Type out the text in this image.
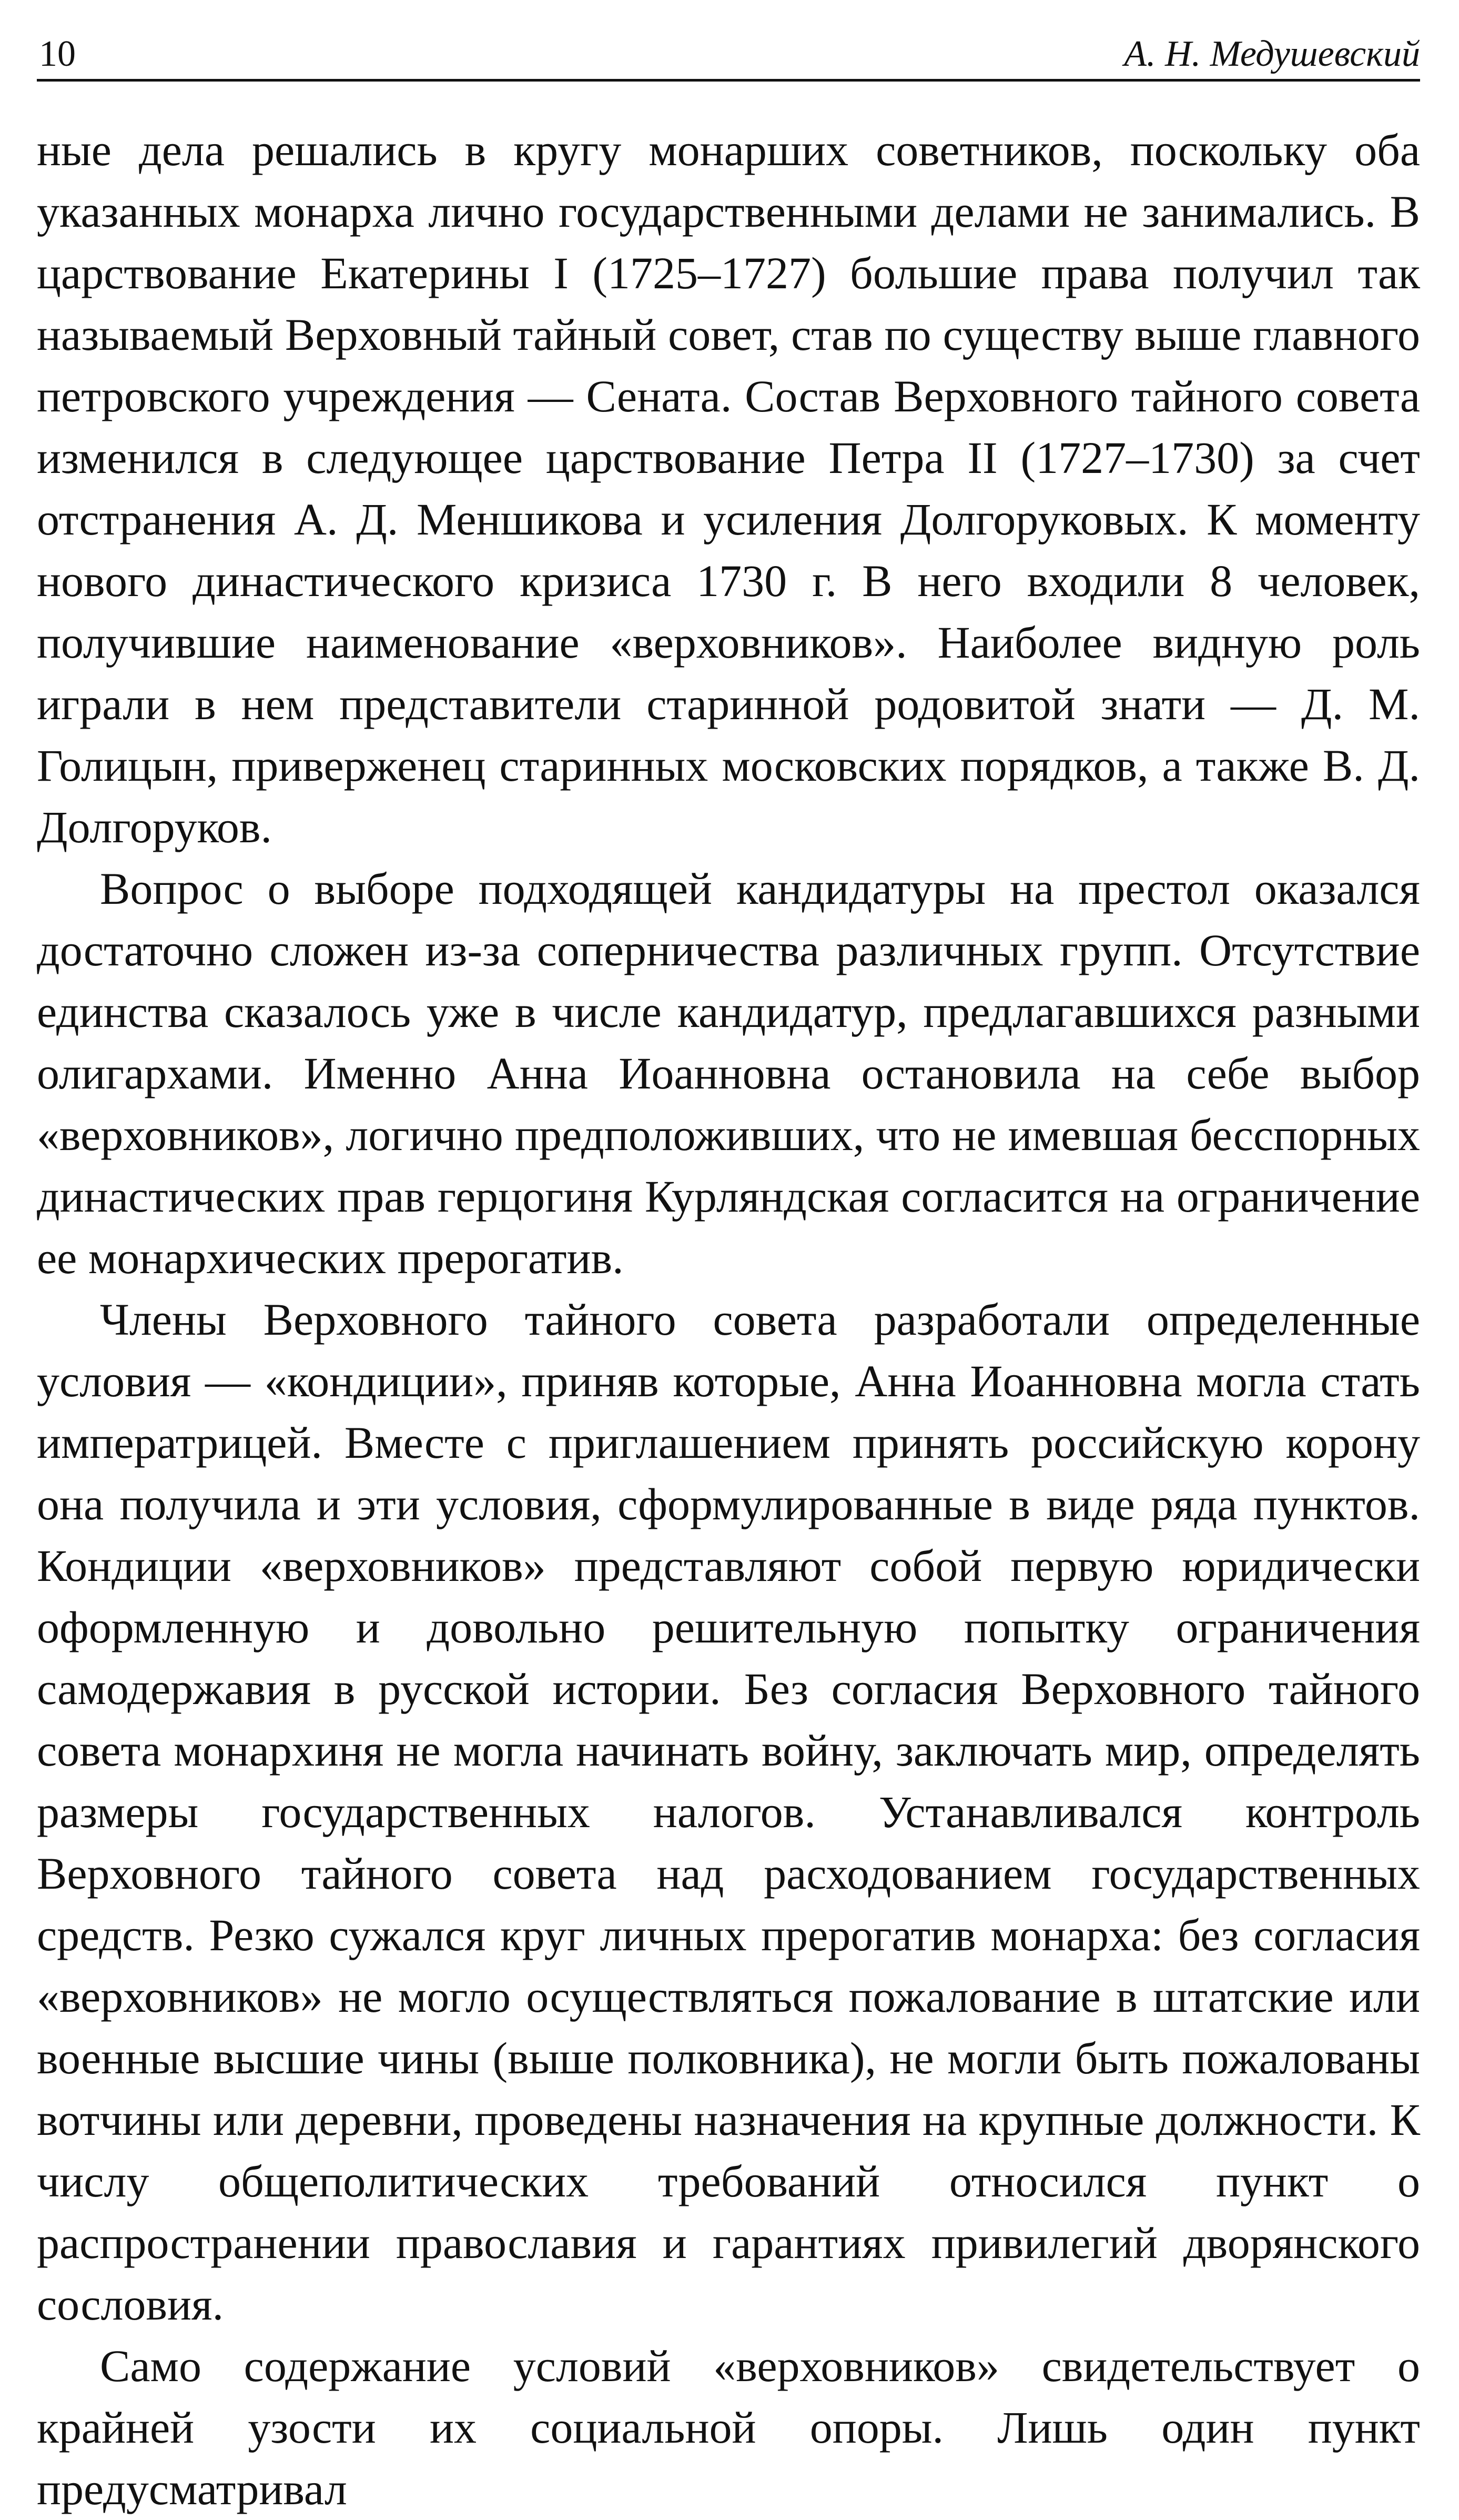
10	А. Н. Медушевский

ные дела решались в кругу монарших советников, поскольку оба указанных монарха лично государственными делами не занимались. В царствование Екатерины I (1725–1727) большие права получил так называемый Верховный тайный совет, став по существу выше главного петровского учреждения — Сената. Состав Верховного тайного совета изменился в следующее царствование Петра II (1727–1730) за счет отстранения А. Д. Меншикова и усиления Долгоруковых. К моменту нового династического кризиса 1730 г. В него входили 8 человек, получившие наименование «верховников». Наиболее видную роль играли в нем представители старинной родовитой знати — Д. М. Голицын, приверженец старинных московских порядков, а также В. Д. Долгоруков.

Вопрос о выборе подходящей кандидатуры на престол оказался достаточно сложен из-за соперничества различных групп. Отсутствие единства сказалось уже в числе кандидатур, предлагавшихся разными олигархами. Именно Анна Иоанновна остановила на себе выбор «верховников», логично предположивших, что не имевшая бесспорных династических прав герцогиня Курляндская согласится на ограничение ее монархических прерогатив.

Члены Верховного тайного совета разработали определенные условия — «кондиции», приняв которые, Анна Иоанновна могла стать императрицей. Вместе с приглашением принять российскую корону она получила и эти условия, сформулированные в виде ряда пунктов. Кондиции «верховников» представляют собой первую юридически оформленную и довольно решительную попытку ограничения самодержавия в русской истории. Без согласия Верховного тайного совета монархиня не могла начинать войну, заключать мир, определять размеры государственных налогов. Устанавливался контроль Верховного тайного совета над расходованием государственных средств. Резко сужался круг личных прерогатив монарха: без согласия «верховников» не могло осуществляться пожалование в штатские или военные высшие чины (выше полковника), не могли быть пожалованы вотчины или деревни, проведены назначения на крупные должности. К числу общеполитических требований относился пункт о распространении православия и гарантиях привилегий дворянского сословия.

Само содержание условий «верховников» свидетельствует о крайней узости их социальной опоры. Лишь один пункт предусматривал
